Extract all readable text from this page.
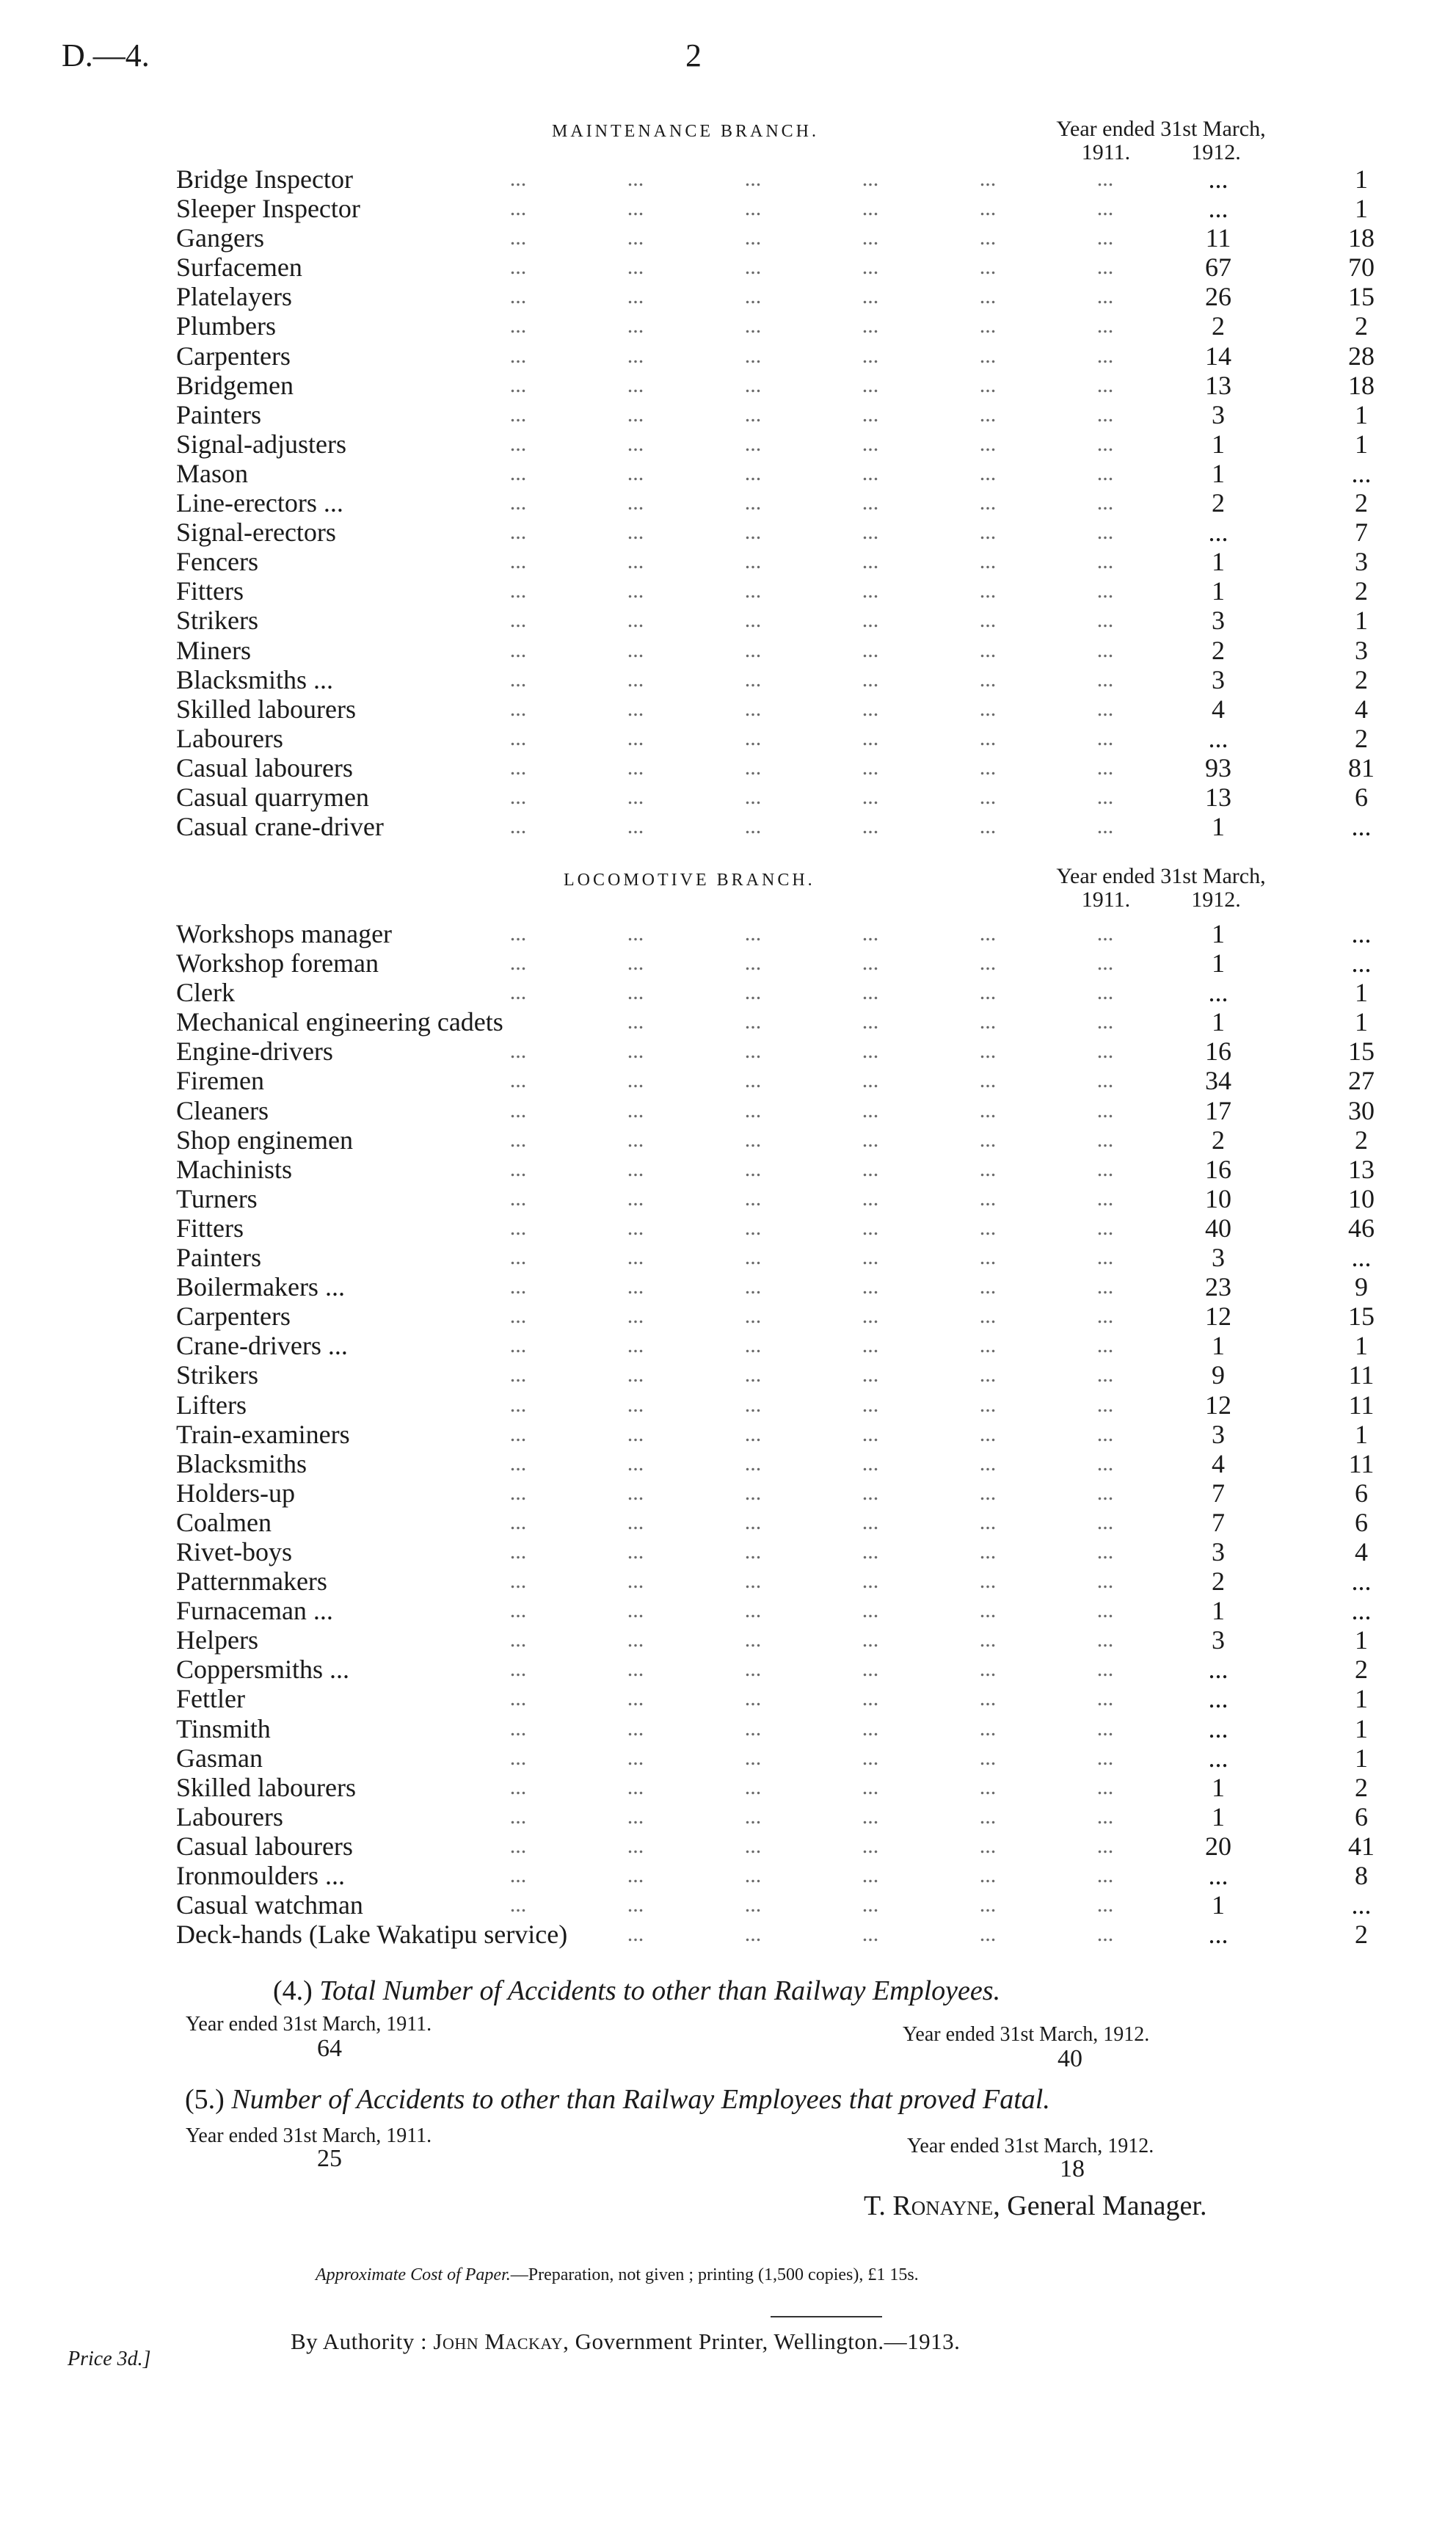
D.—4.	2
MAINTENANCE BRANCH.	Year ended 31st March,
1911.	1912.
Bridge Inspector	...	...	...	...	...	...	...	1
Sleeper Inspector	...	...	...	...	...	...	...	1
Gangers	...	...	...	...	...	...	11	18
Surfacemen	...	...	...	...	...	...	67	70
Platelayers	...	...	...	...	...	...	26	15
Plumbers	...	...	...	...	...	...	2	2
Carpenters	...	...	...	...	...	...	14	28
Bridgemen	...	...	...	...	...	...	13	18
Painters	...	...	...	...	...	...	3	1
Signal-adjusters	...	...	...	...	...	...	1	1
Mason	...	...	...	...	...	...	1	...
Line-erectors ...	...	...	...	...	...	...	2	2
Signal-erectors	...	...	...	...	...	...	...	7
Fencers	...	...	...	...	...	...	1	3
Fitters	...	...	...	...	...	...	1	2
Strikers	...	...	...	...	...	...	3	1
Miners	...	...	...	...	...	...	2	3
Blacksmiths ...	...	...	...	...	...	...	3	2
Skilled labourers	...	...	...	...	...	...	4	4
Labourers	...	...	...	...	...	...	...	2
Casual labourers	...	...	...	...	...	...	93	81
Casual quarrymen	...	...	...	...	...	...	13	6
Casual crane-driver	...	...	...	...	...	...	1	...
LOCOMOTIVE BRANCH.	Year ended 31st March,
1911.	1912.
Workshops manager	...	...	...	...	...	...	1	...
Workshop foreman	...	...	...	...	...	...	1	...
Clerk	...	...	...	...	...	...	...	1
Mechanical engineering cadets	...	...	...	...	...	1	1
Engine-drivers	...	...	...	...	...	...	16	15
Firemen	...	...	...	...	...	...	34	27
Cleaners	...	...	...	...	...	...	17	30
Shop enginemen	...	...	...	...	...	...	2	2
Machinists	...	...	...	...	...	...	16	13
Turners	...	...	...	...	...	...	10	10
Fitters	...	...	...	...	...	...	40	46
Painters	...	...	...	...	...	...	3	...
Boilermakers ...	...	...	...	...	...	...	23	9
Carpenters	...	...	...	...	...	...	12	15
Crane-drivers ...	...	...	...	...	...	...	1	1
Strikers	...	...	...	...	...	...	9	11
Lifters	...	...	...	...	...	...	12	11
Train-examiners	...	...	...	...	...	...	3	1
Blacksmiths	...	...	...	...	...	...	4	11
Holders-up	...	...	...	...	...	...	7	6
Coalmen	...	...	...	...	...	...	7	6
Rivet-boys	...	...	...	...	...	...	3	4
Patternmakers	...	...	...	...	...	...	2	...
Furnaceman ...	...	...	...	...	...	...	1	...
Helpers	...	...	...	...	...	...	3	1
Coppersmiths ...	...	...	...	...	...	...	...	2
Fettler	...	...	...	...	...	...	...	1
Tinsmith	...	...	...	...	...	...	...	1
Gasman	...	...	...	...	...	...	...	1
Skilled labourers	...	...	...	...	...	...	1	2
Labourers	...	...	...	...	...	...	1	6
Casual labourers	...	...	...	...	...	...	20	41
Ironmoulders ...	...	...	...	...	...	...	...	8
Casual watchman	...	...	...	...	...	...	1	...
Deck-hands (Lake Wakatipu service)	...	...	...	...	...	...	2
(4.) Total Number of Accidents to other than Railway Employees.
Year ended 31st March, 1911.
64
Year ended 31st March, 1912.
40
(5.) Number of Accidents to other than Railway Employees that proved Fatal.
Year ended 31st March, 1911.
25	Year ended 31st March, 1912.
18
T. Ronayne, General Manager.
Approximate Cost of Paper.—Preparation, not given ; printing (1,500 copies), £1 15s.
By Authority : John Mackay, Government Printer, Wellington.—1913.
Price 3d.]
